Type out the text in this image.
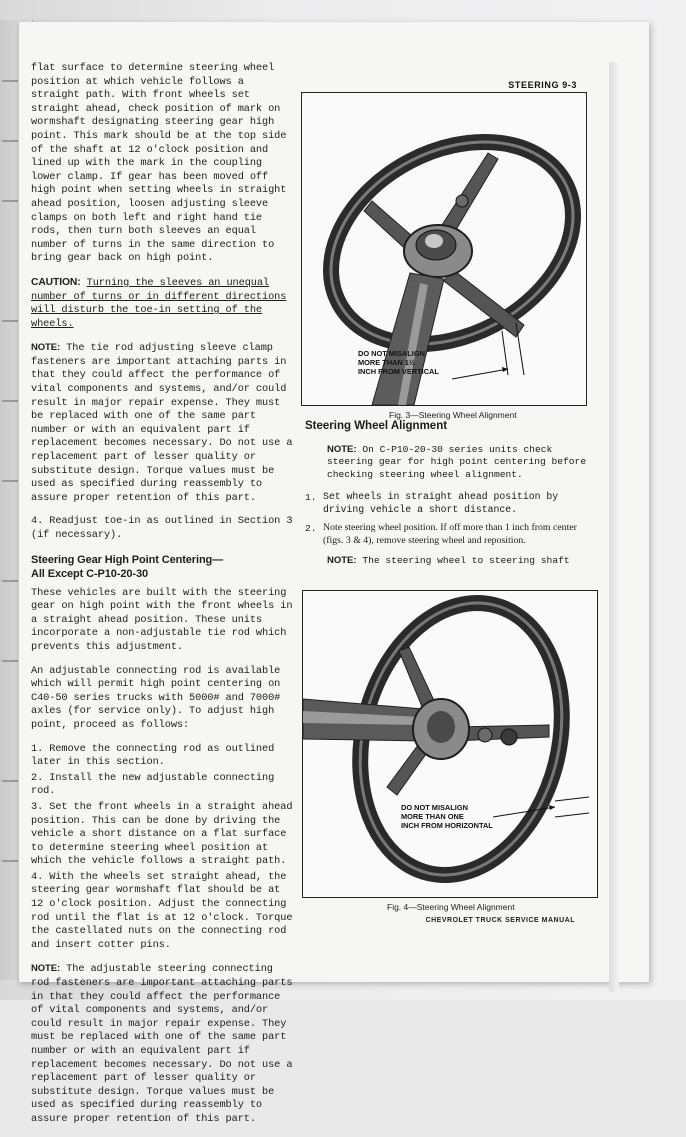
STEERING 9-3

flat surface to determine steering wheel position at which vehicle follows a straight path. With front wheels set straight ahead, check position of mark on wormshaft designating steering gear high point. This mark should be at the top side of the shaft at 12 o'clock position and lined up with the mark in the coupling lower clamp. If gear has been moved off high point when setting wheels in straight ahead position, loosen adjusting sleeve clamps on both left and right hand tie rods, then turn both sleeves an equal number of turns in the same direction to bring gear back on high point.

CAUTION: Turning the sleeves an unequal number of turns or in different directions will disturb the toe-in setting of the wheels.

NOTE: The tie rod adjusting sleeve clamp fasteners are important attaching parts in that they could affect the performance of vital components and systems, and/or could result in major repair expense. They must be replaced with one of the same part number or with an equivalent part if replacement becomes necessary. Do not use a replacement part of lesser quality or substitute design. Torque values must be used as specified during reassembly to assure proper retention of this part.

4. Readjust toe-in as outlined in Section 3 (if necessary).

Steering Gear High Point Centering—
All Except C-P10-20-30

These vehicles are built with the steering gear on high point with the front wheels in a straight ahead position. These units incorporate a non-adjustable tie rod which prevents this adjustment.

An adjustable connecting rod is available which will permit high point centering on C40-50 series trucks with 5000# and 7000# axles (for service only). To adjust high point, proceed as follows:

1. Remove the connecting rod as outlined later in this section.

2. Install the new adjustable connecting rod.

3. Set the front wheels in a straight ahead position. This can be done by driving the vehicle a short distance on a flat surface to determine steering wheel position at which the vehicle follows a straight path.

4. With the wheels set straight ahead, the steering gear wormshaft flat should be at 12 o'clock position. Adjust the connecting rod until the flat is at 12 o'clock. Torque the castellated nuts on the connecting rod and insert cotter pins.

NOTE: The adjustable steering connecting rod fasteners are important attaching parts in that they could affect the performance of vital components and systems, and/or could result in major repair expense. They must be replaced with one of the same part number or with an equivalent part if replacement becomes necessary. Do not use a replacement part of lesser quality or substitute design. Torque values must be used as specified during reassembly to assure proper retention of this part.

DO NOT MISALIGN
MORE THAN 1½
INCH FROM VERTICAL
Fig. 3—Steering Wheel Alignment
Steering Wheel Alignment
NOTE: On C-P10-20-30 series units check steering gear for high point centering before checking steering wheel alignment.
1. Set wheels in straight ahead position by driving vehicle a short distance.
2. Note steering wheel position. If off more than 1 inch from center (figs. 3 & 4), remove steering wheel and reposition.
NOTE: The steering wheel to steering shaft
DO NOT MISALIGN
MORE THAN ONE
INCH FROM HORIZONTAL
Fig. 4—Steering Wheel Alignment
CHEVROLET TRUCK SERVICE MANUAL
